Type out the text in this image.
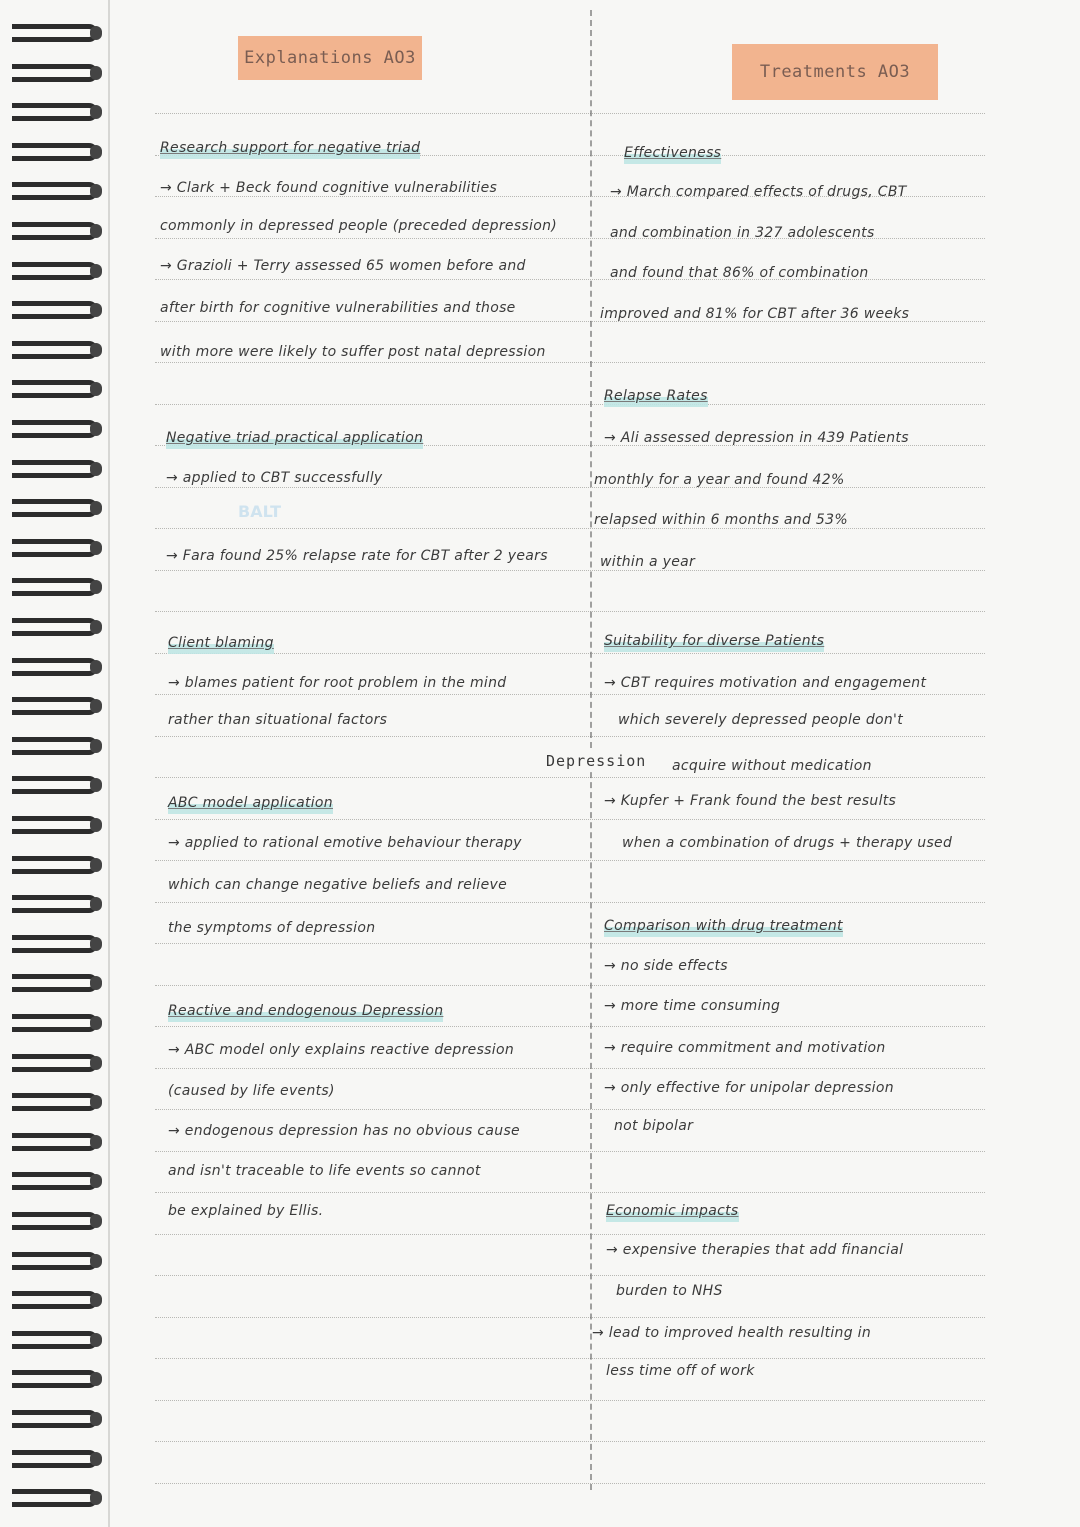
Explanations AO3
Treatments AO3
BALT
Research support for negative triad
→ Clark + Beck found cognitive vulnerabilities
commonly in depressed people (preceded depression)
→ Grazioli + Terry assessed 65 women before and
after birth for cognitive vulnerabilities and those
with more were likely to suffer post natal depression
Negative triad practical application
→ applied to CBT successfully
→ Fara found 25% relapse rate for CBT after 2 years
Client blaming
→ blames patient for root problem in the mind
rather than situational factors
ABC model application
→ applied to rational emotive behaviour therapy
which can change negative beliefs and relieve
the symptoms of depression
Reactive and endogenous Depression
→ ABC model only explains reactive depression
(caused by life events)
→ endogenous depression has no obvious cause
and isn't traceable to life events so cannot
be explained by Ellis.
Effectiveness
→ March compared effects of drugs, CBT
and combination in 327 adolescents
and found that 86% of combination
improved and 81% for CBT after 36 weeks
Relapse Rates
→ Ali assessed depression in 439 Patients
monthly for a year and found 42%
relapsed within 6 months and 53%
within a year
Suitability for diverse Patients
→ CBT requires motivation and engagement
which severely depressed people don't
acquire without medication
→ Kupfer + Frank found the best results
when a combination of drugs + therapy used
Comparison with drug treatment
→ no side effects
→ more time consuming
→ require commitment and motivation
→ only effective for unipolar depression
not bipolar
Economic impacts
→ expensive therapies that add financial
burden to NHS
→ lead to improved health resulting in
less time off of work
Depression
